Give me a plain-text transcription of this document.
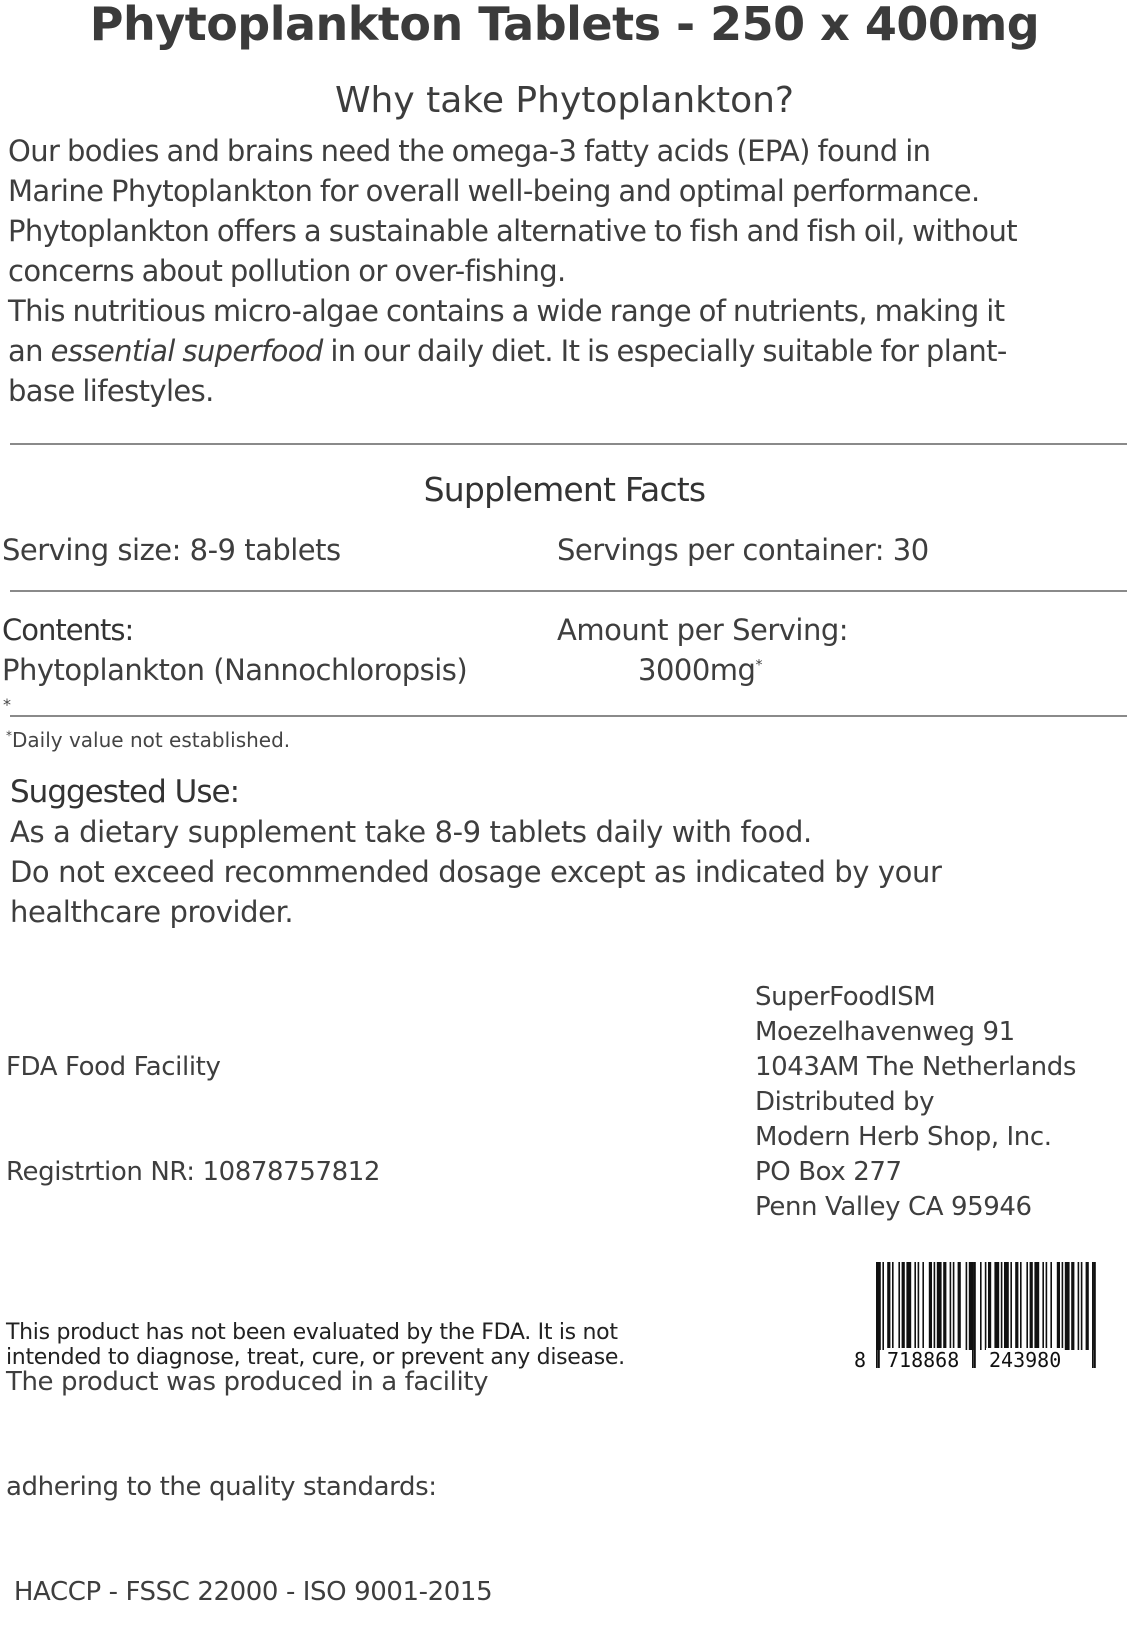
Phytoplankton Tablets - 250 x 400mg
Why take Phytoplankton?
Our bodies and brains need the omega-3 fatty acids (EPA) found in
Marine Phytoplankton for overall well-being and optimal performance.
Phytoplankton offers a sustainable alternative to fish and fish oil, without
concerns about pollution or over-fishing.
This nutritious micro-algae contains a wide range of nutrients, making it
an essential superfood in our daily diet. It is especially suitable for plant-
base lifestyles.
Supplement Facts
Serving size: 8-9 tablets	Servings per container: 30
Contents:
Phytoplankton (Nannochloropsis)
Amount per Serving:
3000mg*
*
*Daily value not established.
Suggested Use:
As a dietary supplement take 8-9 tablets daily with food.
Do not exceed recommended dosage except as indicated by your
healthcare provider.

FDA Food Facility

Registrtion NR: 10878757812

The product was produced in a facility

adhering to the quality standards:

HACCP - FSSC 22000 - ISO 9001-2015

SuperFoodISM
Moezelhavenweg 91
1043AM The Netherlands
Distributed by
Modern Herb Shop, Inc.
PO Box 277
Penn Valley CA 95946
This product has not been evaluated by the FDA. It is not
intended to diagnose, treat, cure, or prevent any disease.	8 718868 243980
